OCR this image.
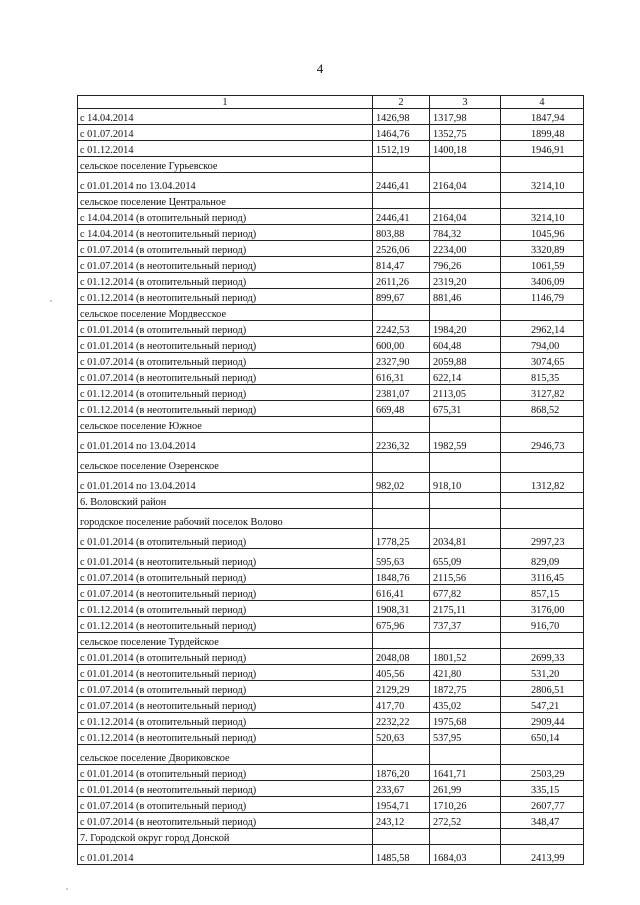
4
1	2	3	4
с 14.04.2014	1426,98	1317,98	1847,94
с 01.07.2014	1464,76	1352,75	1899,48
с 01.12.2014	1512,19	1400,18	1946,91
сельское поселение Гурьевское			
с 01.01.2014 по 13.04.2014	2446,41	2164,04	3214,10
сельское поселение Центральное			
с 14.04.2014 (в отопительный период)	2446,41	2164,04	3214,10
с 14.04.2014 (в неотопительный период)	803,88	784,32	1045,96
с 01.07.2014 (в отопительный период)	2526,06	2234,00	3320,89
с 01.07.2014 (в неотопительный период)	814,47	796,26	1061,59
с 01.12.2014 (в отопительный период)	2611,26	2319,20	3406,09
с 01.12.2014 (в неотопительный период)	899,67	881,46	1146,79
сельское поселение Мордвесское			
с 01.01.2014 (в отопительный период)	2242,53	1984,20	2962,14
с 01.01.2014 (в неотопительный период)	600,00	604,48	794,00
с 01.07.2014 (в отопительный период)	2327,90	2059,88	3074,65
с 01.07.2014 (в неотопительный период)	616,31	622,14	815,35
с 01.12.2014 (в отопительный период)	2381,07	2113,05	3127,82
с 01.12.2014 (в неотопительный период)	669,48	675,31	868,52
сельское поселение Южное			
с 01.01.2014 по 13.04.2014	2236,32	1982,59	2946,73
сельское поселение Озеренское			
с 01.01.2014 по 13.04.2014	982,02	918,10	1312,82
6. Воловский район			
городское поселение рабочий поселок Волово			
с 01.01.2014 (в отопительный период)	1778,25	2034,81	2997,23
с 01.01.2014 (в неотопительный период)	595,63	655,09	829,09
с 01.07.2014 (в отопительный период)	1848,76	2115,56	3116,45
с 01.07.2014 (в неотопительный период)	616,41	677,82	857,15
с 01.12.2014 (в отопительный период)	1908,31	2175,11	3176,00
с 01.12.2014 (в неотопительный период)	675,96	737,37	916,70
сельское поселение Турдейское			
с 01.01.2014 (в отопительный период)	2048,08	1801,52	2699,33
с 01.01.2014 (в неотопительный период)	405,56	421,80	531,20
с 01.07.2014 (в отопительный период)	2129,29	1872,75	2806,51
с 01.07.2014 (в неотопительный период)	417,70	435,02	547,21
с 01.12.2014 (в отопительный период)	2232,22	1975,68	2909,44
с 01.12.2014 (в неотопительный период)	520,63	537,95	650,14
сельское поселение Двориковское			
с 01.01.2014 (в отопительный период)	1876,20	1641,71	2503,29
с 01.01.2014 (в неотопительный период)	233,67	261,99	335,15
с 01.07.2014 (в отопительный период)	1954,71	1710,26	2607,77
с 01.07.2014 (в неотопительный период)	243,12	272,52	348,47
7. Городской округ город Донской			
с 01.01.2014	1485,58	1684,03	2413,99
